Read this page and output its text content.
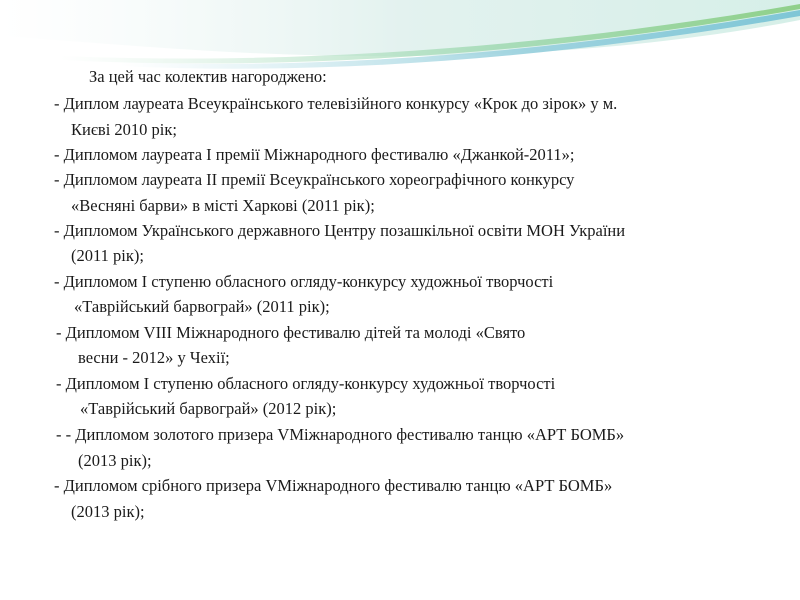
За цей час колектив нагороджено:
- Диплом лауреата Всеукраїнського телевізійного конкурсу «Крок до зірок» у м.
Києві 2010 рік;
- Дипломом лауреата І премії Міжнародного фестивалю «Джанкой-2011»;
- Дипломом лауреата ІІ премії Всеукраїнського хореографічного конкурсу
«Весняні барви» в місті Харкові (2011 рік);
- Дипломом Українського державного Центру позашкільної освіти МОН України
(2011 рік);
- Дипломом І ступеню обласного огляду-конкурсу художньої творчості
«Таврійський барвограй» (2011 рік);
- Дипломом VIII Міжнародного фестивалю дітей та молоді «Свято
весни - 2012» у Чехії;
- Дипломом І ступеню обласного огляду-конкурсу художньої творчості
«Таврійський барвограй» (2012 рік);
- - Дипломом золотого призера VМіжнародного фестивалю танцю «АРТ БОМБ»
(2013 рік);
- Дипломом срібного призера VМіжнародного фестивалю танцю «АРТ БОМБ»
(2013 рік);
